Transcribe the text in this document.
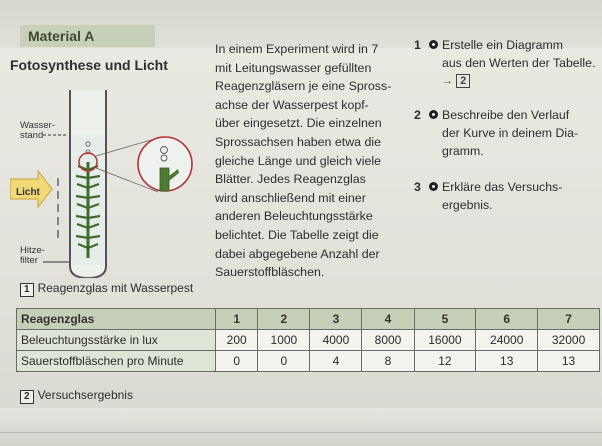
Material A
Fotosynthese und Licht
Wasser-
stand
Licht
Hitze-
filter
1 Reagenzglas mit Wasserpest
In einem Experiment wird in 7
mit Leitungswasser gefüllten
Reagenzgläsern je eine Spross-
achse der Wasserpest kopf-
über eingesetzt. Die einzelnen
Sprossachsen haben etwa die
gleiche Länge und gleich viele
Blätter. Jedes Reagenzglas
wird anschließend mit einer
anderen Beleuchtungsstärke
belichtet. Die Tabelle zeigt die
dabei abgegebene Anzahl der
Sauerstoffbläschen.
1 Erstelle ein Diagramm
aus den Werten der Tabelle.
→ 2
2 Beschreibe den Verlauf
der Kurve in deinem Dia-
gramm.
3 Erkläre das Versuchs-
ergebnis.
Reagenzglas	1	2	3	4	5	6	7
Beleuchtungsstärke in lux	200	1000	4000	8000	16000	24000	32000
Sauerstoffbläschen pro Minute	0	0	4	8	12	13	13
2 Versuchsergebnis
